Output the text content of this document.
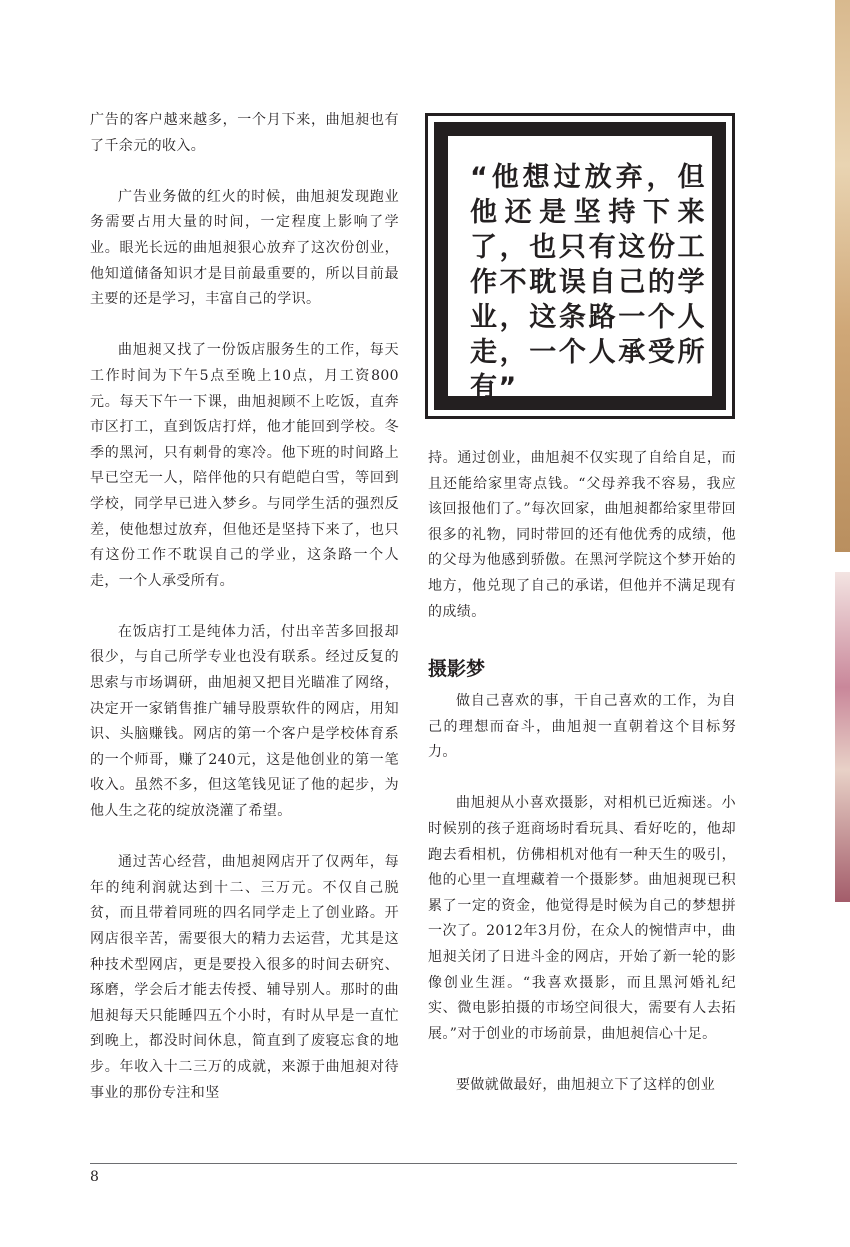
广告的客户越来越多，一个月下来，曲旭昶也有了千余元的收入。

广告业务做的红火的时候，曲旭昶发现跑业务需要占用大量的时间，一定程度上影响了学业。眼光长远的曲旭昶狠心放弃了这次份创业，他知道储备知识才是目前最重要的，所以目前最主要的还是学习，丰富自己的学识。

曲旭昶又找了一份饭店服务生的工作，每天工作时间为下午5点至晚上10点，月工资800元。每天下午一下课，曲旭昶顾不上吃饭，直奔市区打工，直到饭店打烊，他才能回到学校。冬季的黑河，只有刺骨的寒冷。他下班的时间路上早已空无一人，陪伴他的只有皑皑白雪，等回到学校，同学早已进入梦乡。与同学生活的强烈反差，使他想过放弃，但他还是坚持下来了，也只有这份工作不耽误自己的学业，这条路一个人走，一个人承受所有。

在饭店打工是纯体力活，付出辛苦多回报却很少，与自己所学专业也没有联系。经过反复的思索与市场调研，曲旭昶又把目光瞄准了网络，决定开一家销售推广辅导股票软件的网店，用知识、头脑赚钱。网店的第一个客户是学校体育系的一个师哥，赚了240元，这是他创业的第一笔收入。虽然不多，但这笔钱见证了他的起步，为他人生之花的绽放浇灌了希望。

通过苦心经营，曲旭昶网店开了仅两年，每年的纯利润就达到十二、三万元。不仅自己脱贫，而且带着同班的四名同学走上了创业路。开网店很辛苦，需要很大的精力去运营，尤其是这种技术型网店，更是要投入很多的时间去研究、琢磨，学会后才能去传授、辅导别人。那时的曲旭昶每天只能睡四五个小时，有时从早是一直忙到晚上，都没时间休息，简直到了废寝忘食的地步。年收入十二三万的成就，来源于曲旭昶对待事业的那份专注和坚

“他想过放弃，但他还是坚持下来了，也只有这份工作不耽误自己的学业，这条路一个人走，一个人承受所有”

持。通过创业，曲旭昶不仅实现了自给自足，而且还能给家里寄点钱。“父母养我不容易，我应该回报他们了。”每次回家，曲旭昶都给家里带回很多的礼物，同时带回的还有他优秀的成绩，他的父母为他感到骄傲。在黑河学院这个梦开始的地方，他兑现了自己的承诺，但他并不满足现有的成绩。

摄影梦

做自己喜欢的事，干自己喜欢的工作，为自己的理想而奋斗，曲旭昶一直朝着这个目标努力。

曲旭昶从小喜欢摄影，对相机已近痴迷。小时候别的孩子逛商场时看玩具、看好吃的，他却跑去看相机，仿佛相机对他有一种天生的吸引，他的心里一直埋藏着一个摄影梦。曲旭昶现已积累了一定的资金，他觉得是时候为自己的梦想拼一次了。2012年3月份，在众人的惋惜声中，曲旭昶关闭了日进斗金的网店，开始了新一轮的影像创业生涯。“我喜欢摄影，而且黑河婚礼纪实、微电影拍摄的市场空间很大，需要有人去拓展。”对于创业的市场前景，曲旭昶信心十足。

要做就做最好，曲旭昶立下了这样的创业

8
